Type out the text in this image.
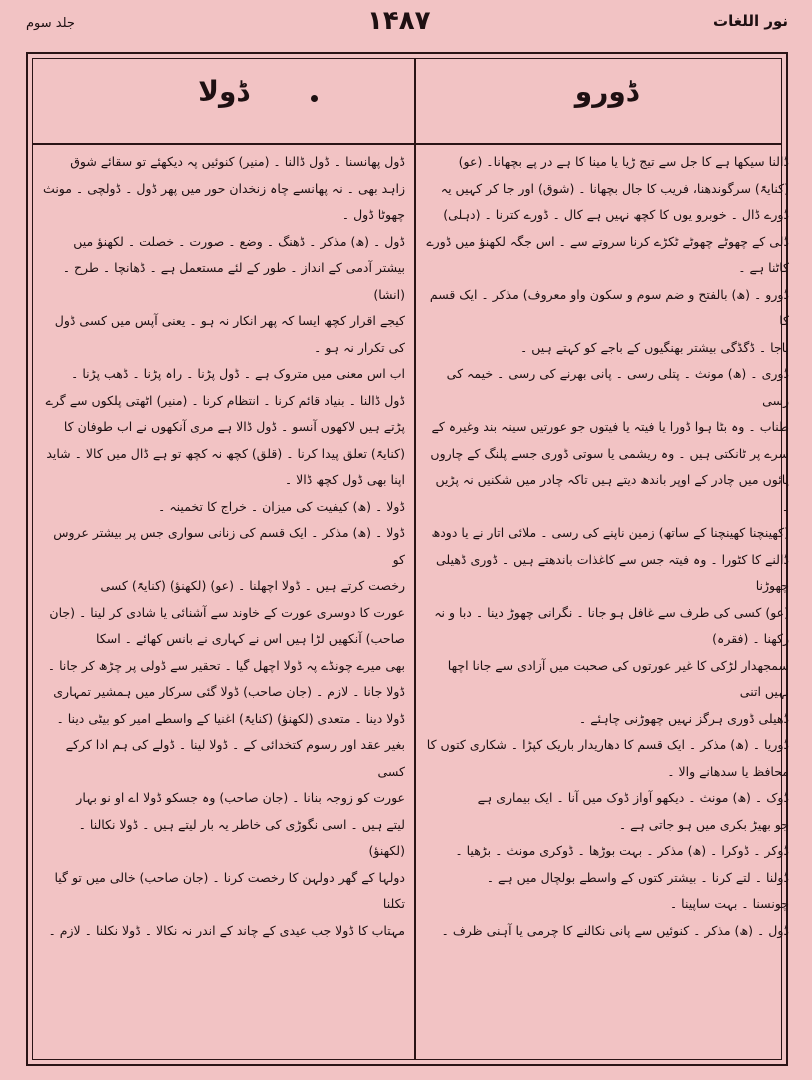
نور اللغات
۱۴۸۷
جلد سوم
ڈولا	ڈورو
ڈالنا سیکھا ہے کا جل سے تیج ڑیا یا مینا کا ہے در پے بچھانا۔ (عو)
(کنایۃً) سرگوندھنا، فریب کا جال بچھانا ۔ (شوق) اور جا کر کہیں یہ
ڈورے ڈال ۔ خوبرو یوں کا کچھ نہیں ہے کال ۔ ڈورے کترنا ۔ (دہلی)
ڈلی کے چھوٹے چھوٹے ٹکڑے کرنا سروتے سے ۔ اس جگہ لکھنؤ میں ڈورے
کاٹنا ہے ۔
ڈورو ۔ (ھ) بالفتح و ضم سوم و سکون واو معروف) مذکر ۔ ایک قسم کا
باجا ۔ ڈگڈگی بیشتر بھنگیوں کے باجے کو کہتے ہیں ۔
ڈوری ۔ (ھ) مونث ۔ پتلی رسی ۔ پانی بھرنے کی رسی ۔ خیمہ کی رسی
طناب ۔ وہ بٹا ہوا ڈورا یا فیتہ یا فیتوں جو عورتیں سینہ بند وغیرہ کے
سرے پر ٹانکتی ہیں ۔ وہ ریشمی یا سوتی ڈوری جسے پلنگ کے چاروں
پائوں میں چادر کے اوپر باندھ دیتے ہیں تاکہ چادر میں شکنیں نہ پڑیں ۔
(کھینچنا کھینچنا کے ساتھ) زمین ناپنے کی رسی ۔ ملائی اتار نے یا دودھ
ڈالنے کا کٹورا ۔ وہ فیتہ جس سے کاغذات باندھتے ہیں ۔ ڈوری ڈھیلی چھوڑنا
(عو) کسی کی طرف سے غافل ہو جانا ۔ نگرانی چھوڑ دینا ۔ دبا و نہ رکھنا ۔ (فقرہ)
سمجھدار لڑکی کا غیر عورتوں کی صحبت میں آزادی سے جانا اچھا نہیں اتنی
ڈھیلی ڈوری ہرگز نہیں چھوڑنی چاہئے ۔
ڈوریا ۔ (ھ) مذکر ۔ ایک قسم کا دھاریدار باریک کپڑا ۔ شکاری کتوں کا
محافظ یا سدھانے والا ۔
ڈوک ۔ (ھ) مونث ۔ دیکھو آواز ڈوک میں آنا ۔ ایک بیماری ہے
جو بھیڑ بکری میں ہو جاتی ہے ۔
ڈوکر ۔ ڈوکرا ۔ (ھ) مذکر ۔ بہت بوڑھا ۔ ڈوکری مونث ۔ بڑھیا ۔
ڈولنا ۔ لتے کرنا ۔ بیشتر کتوں کے واسطے بولچال میں ہے ۔
چونسنا ۔ بہت ساپینا ۔
ڈول ۔ (ھ) مذکر ۔ کنوئیں سے پانی نکالنے کا چرمی یا آہنی ظرف ۔
ڈول پھانسنا ۔ ڈول ڈالنا ۔ (منیر) کنوئیں پہ دیکھئے تو سقائے شوق
زاہد بھی ۔ نہ پھانسے چاہ زنخدان حور میں پھر ڈول ۔ ڈولچی ۔ مونث
چھوٹا ڈول ۔
ڈول ۔ (ھ) مذکر ۔ ڈھنگ ۔ وضع ۔ صورت ۔ خصلت ۔ لکھنؤ میں
بیشتر آدمی کے انداز ۔ طور کے لئے مستعمل ہے ۔ ڈھانچا ۔ طرح ۔ (انشا)
کیجے اقرار کچھ ایسا کہ پھر انکار نہ ہو ۔ یعنی آپس میں کسی ڈول کی تکرار نہ ہو ۔
اب اس معنی میں متروک ہے ۔ ڈول پڑنا ۔ راہ پڑنا ۔ ڈھب پڑنا ۔
ڈول ڈالنا ۔ بنیاد قائم کرنا ۔ انتظام کرنا ۔ (منیر) اٹھتی پلکوں سے گرے
پڑتے ہیں لاکھوں آنسو ۔ ڈول ڈالا ہے مری آنکھوں نے اب طوفان کا
(کنایۃً) تعلق پیدا کرنا ۔ (قلق) کچھ نہ کچھ تو ہے ڈال میں کالا ۔ شاید
اپنا بھی ڈول کچھ ڈالا ۔
ڈولا ۔ (ھ) کیفیت کی میزان ۔ خراج کا تخمینہ ۔
ڈولا ۔ (ھ) مذکر ۔ ایک قسم کی زنانی سواری جس پر بیشتر عروس کو
رخصت کرتے ہیں ۔ ڈولا اچھلنا ۔ (عو) (لکھنؤ) (کنایۃً) کسی
عورت کا دوسری عورت کے خاوند سے آشنائی یا شادی کر لینا ۔ (جان
صاحب) آنکھیں لڑا ہیں اس نے کہاری نے بانس کھائے ۔ اسکا
بھی میرے چونڈے پہ ڈولا اچھل گیا ۔ تحقیر سے ڈولی پر چڑھ کر جانا ۔
ڈولا جانا ۔ لازم ۔ (جان صاحب) ڈولا گئی سرکار میں ہمشیر تمہاری
ڈولا دینا ۔ متعدی (لکھنؤ) (کنایۃً) اغنیا کے واسطے امیر کو بیٹی دینا ۔
بغیر عقد اور رسوم کتخدائی کے ۔ ڈولا لینا ۔ ڈولے کی ہم ادا کرکے کسی
عورت کو زوجہ بنانا ۔ (جان صاحب) وہ جسکو ڈولا اے او نو بہار
لیتے ہیں ۔ اسی نگوڑی کی خاطر یہ بار لیتے ہیں ۔ ڈولا نکالنا ۔ (لکھنؤ)
دولہا کے گھر دولہن کا رخصت کرنا ۔ (جان صاحب) خالی میں تو گیا تکلنا
مہتاب کا ڈولا جب عیدی کے چاند کے اندر نہ نکالا ۔ ڈولا نکلنا ۔ لازم ۔
